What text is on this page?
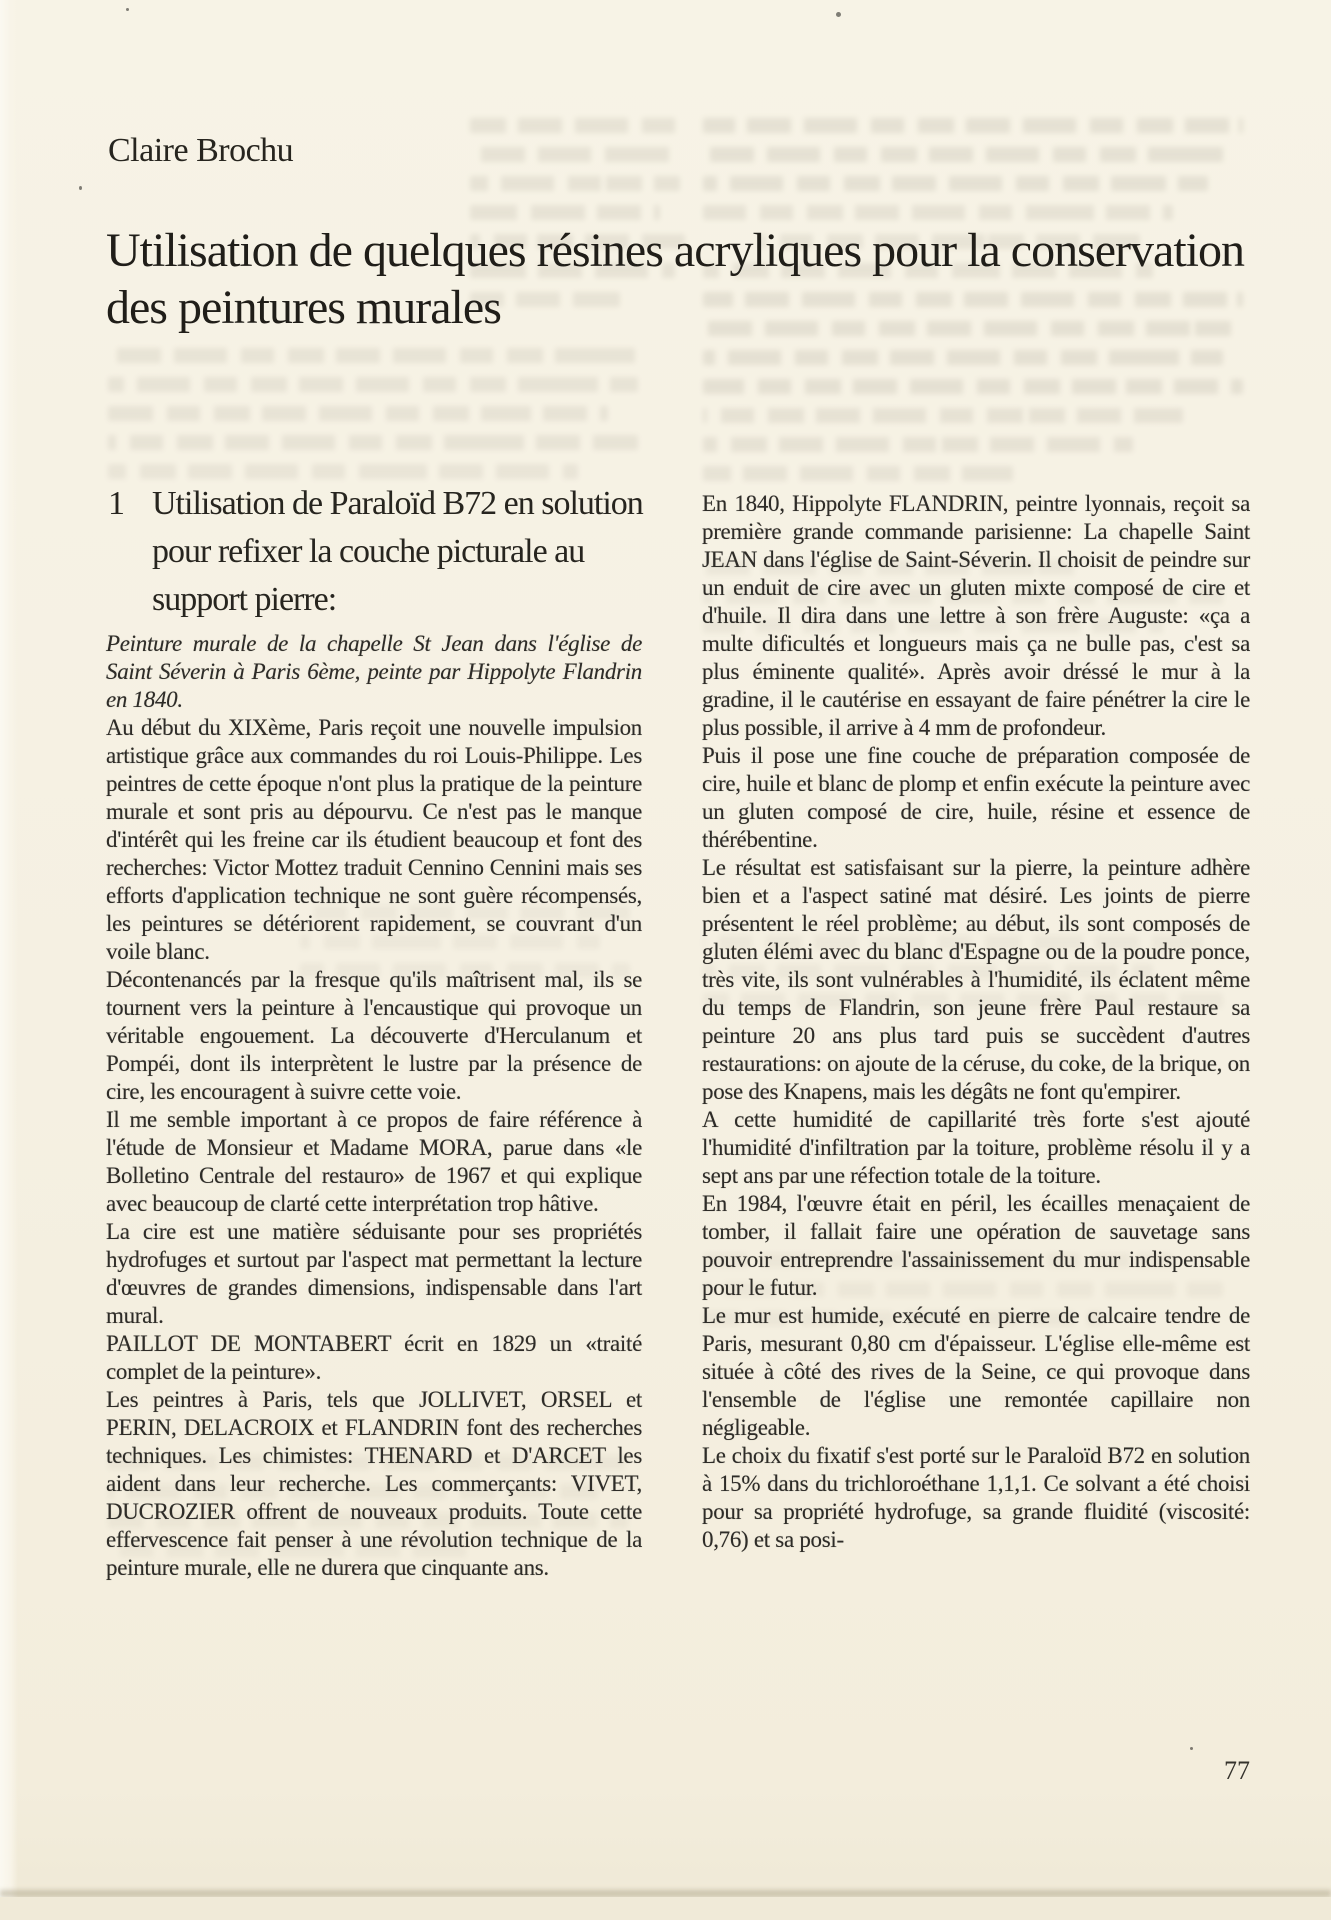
Claire Brochu
Utilisation de quelques résines acryliques pour la conservation des peintures murales
1 Utilisation de Paraloïd B72 en solution pour refixer la couche picturale au support pierre:

Peinture murale de la chapelle St Jean dans l'église de Saint Séverin à Paris 6ème, peinte par Hippolyte Flandrin en 1840.

Au début du XIXème, Paris reçoit une nouvelle impulsion artistique grâce aux commandes du roi Louis-Philippe. Les peintres de cette époque n'ont plus la pratique de la peinture murale et sont pris au dépourvu. Ce n'est pas le manque d'intérêt qui les freine car ils étudient beaucoup et font des recherches: Victor Mottez traduit Cennino Cennini mais ses efforts d'application technique ne sont guère récompensés, les peintures se détériorent rapidement, se couvrant d'un voile blanc.

Décontenancés par la fresque qu'ils maîtrisent mal, ils se tournent vers la peinture à l'encaustique qui provoque un véritable engouement. La découverte d'Herculanum et Pompéi, dont ils interprètent le lustre par la présence de cire, les encouragent à suivre cette voie.

Il me semble important à ce propos de faire référence à l'étude de Monsieur et Madame MORA, parue dans «le Bolletino Centrale del restauro» de 1967 et qui explique avec beaucoup de clarté cette interprétation trop hâtive.

La cire est une matière séduisante pour ses propriétés hydrofuges et surtout par l'aspect mat permettant la lecture d'œuvres de grandes dimensions, indispensable dans l'art mural.

PAILLOT DE MONTABERT écrit en 1829 un «traité complet de la peinture».

Les peintres à Paris, tels que JOLLIVET, ORSEL et PERIN, DELACROIX et FLANDRIN font des recherches techniques. Les chimistes: THENARD et D'ARCET les aident dans leur recherche. Les commerçants: VIVET, DUCROZIER offrent de nouveaux produits. Toute cette effervescence fait penser à une révolution technique de la peinture murale, elle ne durera que cinquante ans.

En 1840, Hippolyte FLANDRIN, peintre lyonnais, reçoit sa première grande commande parisienne: La chapelle Saint JEAN dans l'église de Saint-Séverin. Il choisit de peindre sur un enduit de cire avec un gluten mixte composé de cire et d'huile. Il dira dans une lettre à son frère Auguste: «ça a multe dificultés et longueurs mais ça ne bulle pas, c'est sa plus éminente qualité». Après avoir dréssé le mur à la gradine, il le cautérise en essayant de faire pénétrer la cire le plus possible, il arrive à 4 mm de profondeur.

Puis il pose une fine couche de préparation composée de cire, huile et blanc de plomp et enfin exécute la peinture avec un gluten composé de cire, huile, résine et essence de thérébentine.

Le résultat est satisfaisant sur la pierre, la peinture adhère bien et a l'aspect satiné mat désiré. Les joints de pierre présentent le réel problème; au début, ils sont composés de gluten élémi avec du blanc d'Espagne ou de la poudre ponce, très vite, ils sont vulnérables à l'humidité, ils éclatent même du temps de Flandrin, son jeune frère Paul restaure sa peinture 20 ans plus tard puis se succèdent d'autres restaurations: on ajoute de la céruse, du coke, de la brique, on pose des Knapens, mais les dégâts ne font qu'empirer.

A cette humidité de capillarité très forte s'est ajouté l'humidité d'infiltration par la toiture, problème résolu il y a sept ans par une réfection totale de la toiture.

En 1984, l'œuvre était en péril, les écailles menaçaient de tomber, il fallait faire une opération de sauvetage sans pouvoir entreprendre l'assainissement du mur indispensable pour le futur.

Le mur est humide, exécuté en pierre de calcaire tendre de Paris, mesurant 0,80 cm d'épaisseur. L'église elle-même est située à côté des rives de la Seine, ce qui provoque dans l'ensemble de l'église une remontée capillaire non négligeable.

Le choix du fixatif s'est porté sur le Paraloïd B72 en solution à 15% dans du trichloroéthane 1,1,1. Ce solvant a été choisi pour sa propriété hydrofuge, sa grande fluidité (viscosité: 0,76) et sa posi-

77
